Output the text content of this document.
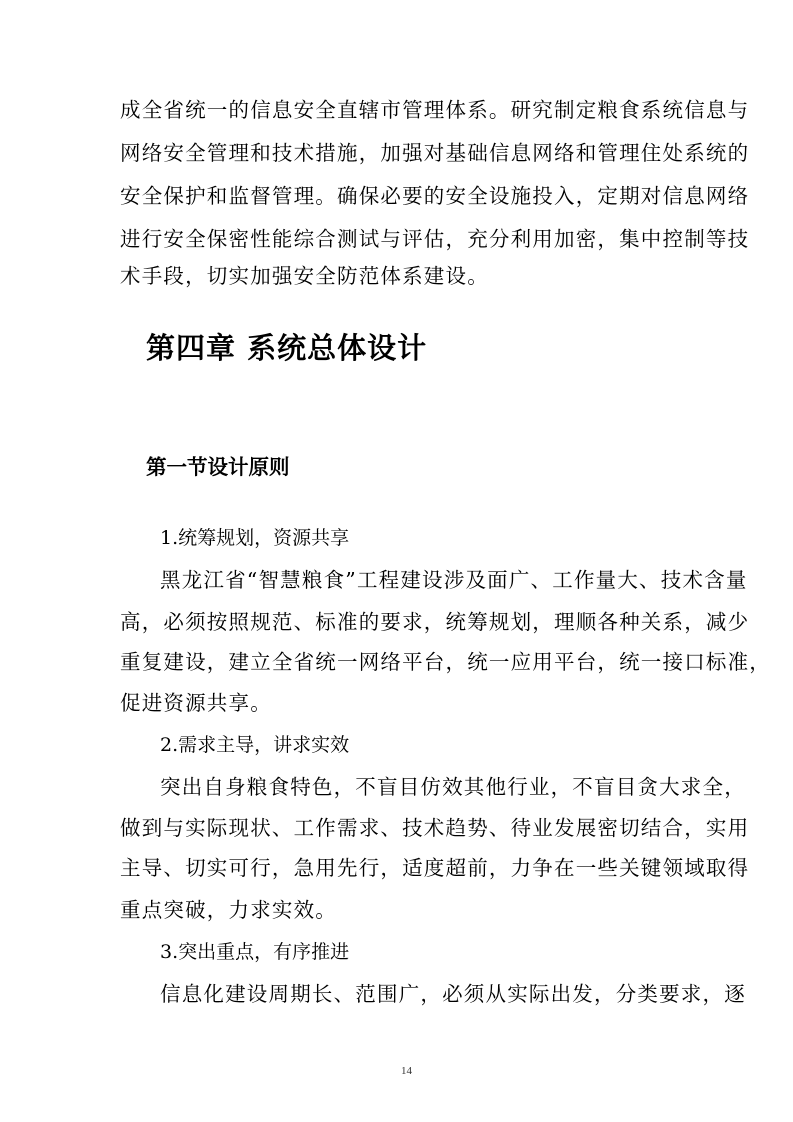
成全省统一的信息安全直辖市管理体系。研究制定粮食系统信息与
网络安全管理和技术措施，加强对基础信息网络和管理住处系统的
安全保护和监督管理。确保必要的安全设施投入，定期对信息网络
进行安全保密性能综合测试与评估，充分利用加密，集中控制等技
术手段，切实加强安全防范体系建设。
第四章 系统总体设计
第一节设计原则
1.统筹规划，资源共享
黑龙江省“智慧粮食”工程建设涉及面广、工作量大、技术含量
高，必须按照规范、标准的要求，统筹规划，理顺各种关系，减少
重复建设，建立全省统一网络平台，统一应用平台，统一接口标准，
促进资源共享。
2.需求主导，讲求实效
突出自身粮食特色，不盲目仿效其他行业，不盲目贪大求全，
做到与实际现状、工作需求、技术趋势、待业发展密切结合，实用
主导、切实可行，急用先行，适度超前，力争在一些关键领域取得
重点突破，力求实效。
3.突出重点，有序推进
信息化建设周期长、范围广，必须从实际出发，分类要求，逐
14
